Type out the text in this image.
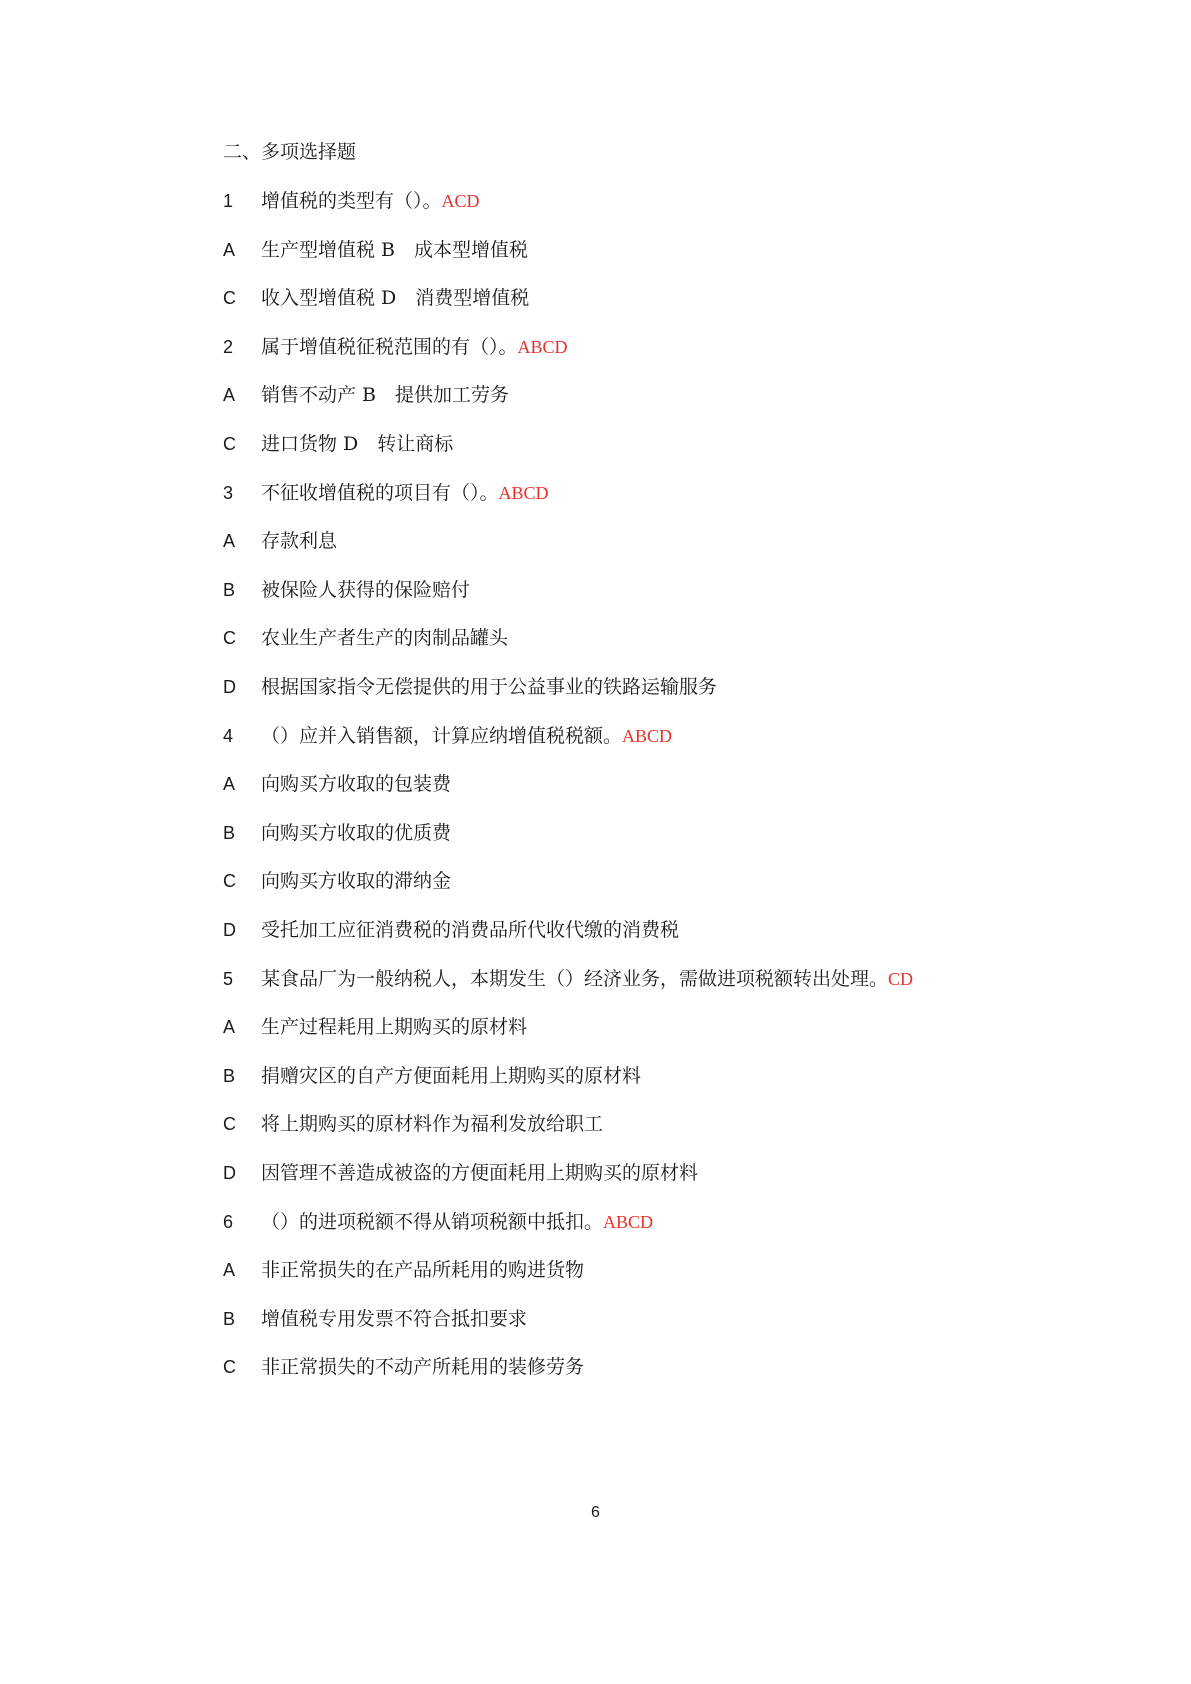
二、多项选择题
1 增值税的类型有（）。ACD
A 生产型增值税 B　成本型增值税
C 收入型增值税 D　消费型增值税
2 属于增值税征税范围的有（）。ABCD
A 销售不动产 B　提供加工劳务
C 进口货物 D　转让商标
3 不征收增值税的项目有（）。ABCD
A 存款利息
B 被保险人获得的保险赔付
C 农业生产者生产的肉制品罐头
D 根据国家指令无偿提供的用于公益事业的铁路运输服务
4 （）应并入销售额，计算应纳增值税税额。ABCD
A 向购买方收取的包装费
B 向购买方收取的优质费
C 向购买方收取的滞纳金
D 受托加工应征消费税的消费品所代收代缴的消费税
5 某食品厂为一般纳税人，本期发生（）经济业务，需做进项税额转出处理。CD
A 生产过程耗用上期购买的原材料
B 捐赠灾区的自产方便面耗用上期购买的原材料
C 将上期购买的原材料作为福利发放给职工
D 因管理不善造成被盗的方便面耗用上期购买的原材料
6 （）的进项税额不得从销项税额中抵扣。ABCD
A 非正常损失的在产品所耗用的购进货物
B 增值税专用发票不符合抵扣要求
C 非正常损失的不动产所耗用的装修劳务
6
